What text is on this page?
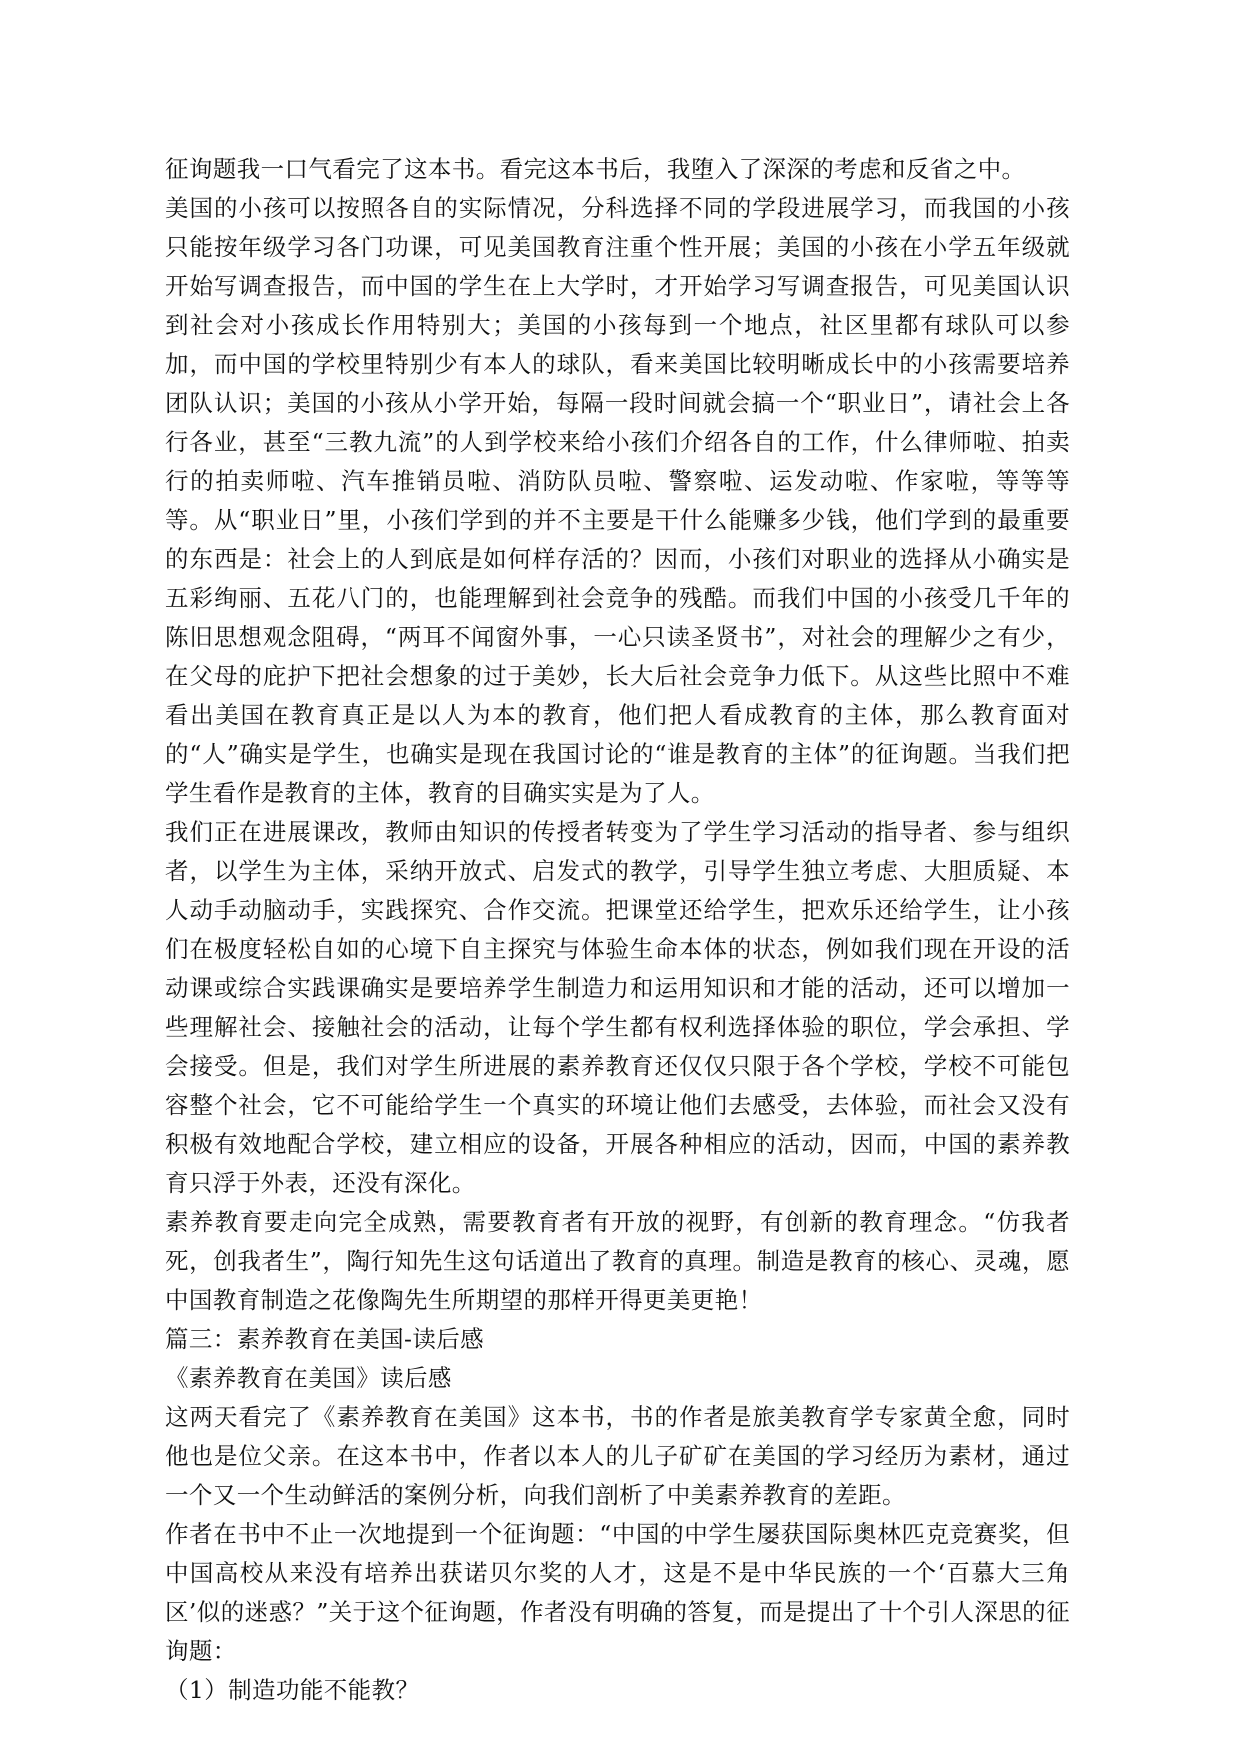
征询题我一口气看完了这本书。看完这本书后，我堕入了深深的考虑和反省之中。

美国的小孩可以按照各自的实际情况，分科选择不同的学段进展学习，而我国的小孩只能按年级学习各门功课，可见美国教育注重个性开展；美国的小孩在小学五年级就开始写调查报告，而中国的学生在上大学时，才开始学习写调查报告，可见美国认识到社会对小孩成长作用特别大；美国的小孩每到一个地点，社区里都有球队可以参加，而中国的学校里特别少有本人的球队，看来美国比较明晰成长中的小孩需要培养团队认识；美国的小孩从小学开始，每隔一段时间就会搞一个“职业日”，请社会上各行各业，甚至“三教九流”的人到学校来给小孩们介绍各自的工作，什么律师啦、拍卖行的拍卖师啦、汽车推销员啦、消防队员啦、警察啦、运发动啦、作家啦，等等等等。从“职业日”里，小孩们学到的并不主要是干什么能赚多少钱，他们学到的最重要的东西是：社会上的人到底是如何样存活的？因而，小孩们对职业的选择从小确实是五彩绚丽、五花八门的，也能理解到社会竞争的残酷。而我们中国的小孩受几千年的陈旧思想观念阻碍，“两耳不闻窗外事，一心只读圣贤书”，对社会的理解少之有少，在父母的庇护下把社会想象的过于美妙，长大后社会竞争力低下。从这些比照中不难看出美国在教育真正是以人为本的教育，他们把人看成教育的主体，那么教育面对的“人”确实是学生，也确实是现在我国讨论的“谁是教育的主体”的征询题。当我们把学生看作是教育的主体，教育的目确实实是为了人。

我们正在进展课改，教师由知识的传授者转变为了学生学习活动的指导者、参与组织者，以学生为主体，采纳开放式、启发式的教学，引导学生独立考虑、大胆质疑、本人动手动脑动手，实践探究、合作交流。把课堂还给学生，把欢乐还给学生，让小孩们在极度轻松自如的心境下自主探究与体验生命本体的状态，例如我们现在开设的活动课或综合实践课确实是要培养学生制造力和运用知识和才能的活动，还可以增加一些理解社会、接触社会的活动，让每个学生都有权利选择体验的职位，学会承担、学会接受。但是，我们对学生所进展的素养教育还仅仅只限于各个学校，学校不可能包容整个社会，它不可能给学生一个真实的环境让他们去感受，去体验，而社会又没有积极有效地配合学校，建立相应的设备，开展各种相应的活动，因而，中国的素养教育只浮于外表，还没有深化。

素养教育要走向完全成熟，需要教育者有开放的视野，有创新的教育理念。“仿我者死，创我者生”，陶行知先生这句话道出了教育的真理。制造是教育的核心、灵魂，愿中国教育制造之花像陶先生所期望的那样开得更美更艳！

篇三：素养教育在美国-读后感

《素养教育在美国》读后感

这两天看完了《素养教育在美国》这本书，书的作者是旅美教育学专家黄全愈，同时他也是位父亲。在这本书中，作者以本人的儿子矿矿在美国的学习经历为素材，通过一个又一个生动鲜活的案例分析，向我们剖析了中美素养教育的差距。

作者在书中不止一次地提到一个征询题：“中国的中学生屡获国际奥林匹克竞赛奖，但中国高校从来没有培养出获诺贝尔奖的人才，这是不是中华民族的一个‘百慕大三角区’似的迷惑？”关于这个征询题，作者没有明确的答复，而是提出了十个引人深思的征询题：

（1）制造功能不能教？
